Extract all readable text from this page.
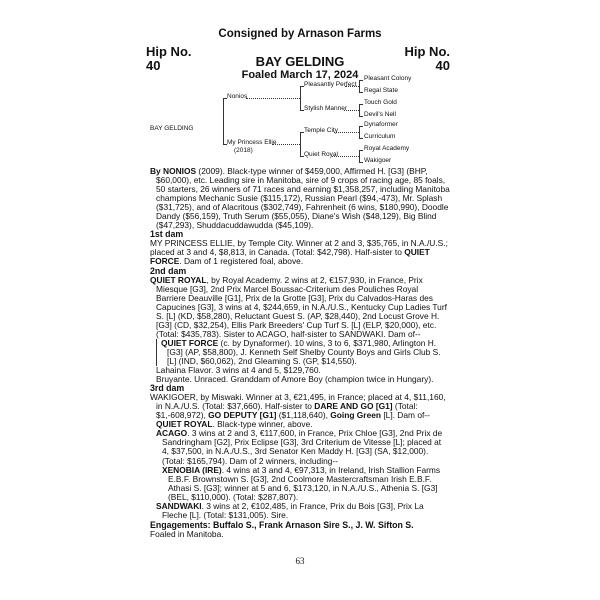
Consigned by Arnason Farms
Hip No.
40
Hip No.
40
BAY GELDING
Foaled March 17, 2024
BAY GELDING
Nonios
My Princess Ellie
(2018)
Pleasantly Perfect
Stylish Manner
Temple City
Quiet Royal
Pleasant Colony
Regal State
Touch Gold
Devil's Nell
Dynaformer
Curriculum
Royal Academy
Wakigoer

By NONIOS (2009). Black-type winner of $459,000, Affirmed H. [G3] (BHP, $60,000), etc. Leading sire in Manitoba, sire of 9 crops of racing age, 85 foals, 50 starters, 26 winners of 71 races and earning $1,358,257, including Manitoba champions Mechanic Susie ($115,172), Russian Pearl ($94,-473), Mr. Splash ($31,725), and of Alacritous ($302,749), Fahrenheit (6 wins, $180,990), Doodle Dandy ($56,159), Truth Serum ($55,055), Diane's Wish ($48,129), Big Blind ($47,293), Shuddacuddawudda ($45,109).

1st dam

MY PRINCESS ELLIE, by Temple City. Winner at 2 and 3, $35,765, in N.A./U.S.; placed at 3 and 4, $8,813, in Canada. (Total: $42,798). Half-sister to QUIET FORCE. Dam of 1 registered foal, above.

2nd dam

QUIET ROYAL, by Royal Academy. 2 wins at 2, €157,930, in France, Prix Miesque [G3], 2nd Prix Marcel Boussac-Criterium des Pouliches Royal Barriere Deauville [G1], Prix de la Grotte [G3], Prix du Calvados-Haras des Capucines [G3], 3 wins at 4, $244,659, in N.A./U.S., Kentucky Cup Ladies Turf S. [L] (KD, $58,280), Reluctant Guest S. (AP, $28,440), 2nd Locust Grove H. [G3] (CD, $32,254), Ellis Park Breeders' Cup Turf S. [L] (ELP, $20,000), etc. (Total: $435,783). Sister to ACAGO, half-sister to SANDWAKI. Dam of--

QUIET FORCE (c. by Dynaformer). 10 wins, 3 to 6, $371,980, Arlington H. [G3] (AP, $58,800), J. Kenneth Self Shelby County Boys and Girls Club S. [L] (IND, $60,062), 2nd Gleaming S. (GP, $14,550).

Lahaina Flavor. 3 wins at 4 and 5, $129,760.

Bruyante. Unraced. Granddam of Amore Boy (champion twice in Hungary).

3rd dam

WAKIGOER, by Miswaki. Winner at 3, €21,495, in France; placed at 4, $11,160, in N.A./U.S. (Total: $37,660). Half-sister to DARE AND GO [G1] (Total: $1,-608,972), GO DEPUTY [G1] ($1,118,640), Going Green [L]. Dam of--

QUIET ROYAL. Black-type winner, above.

ACAGO. 3 wins at 2 and 3, €117,600, in France, Prix Chloe [G3], 2nd Prix de Sandringham [G2], Prix Eclipse [G3], 3rd Criterium de Vitesse [L]; placed at 4, $37,500, in N.A./U.S., 3rd Senator Ken Maddy H. [G3] (SA, $12,000). (Total: $165,794). Dam of 2 winners, including--

XENOBIA (IRE). 4 wins at 3 and 4, €97,313, in Ireland, Irish Stallion Farms E.B.F. Brownstown S. [G3], 2nd Coolmore Mastercraftsman Irish E.B.F. Athasi S. [G3]; winner at 5 and 6, $173,120, in N.A./U.S., Athenia S. [G3] (BEL, $110,000). (Total: $287,807).

SANDWAKI. 3 wins at 2, €102,485, in France, Prix du Bois [G3], Prix La Fleche [L]. (Total: $131,005). Sire.

Engagements: Buffalo S., Frank Arnason Sire S., J. W. Sifton S.

Foaled in Manitoba.

63
